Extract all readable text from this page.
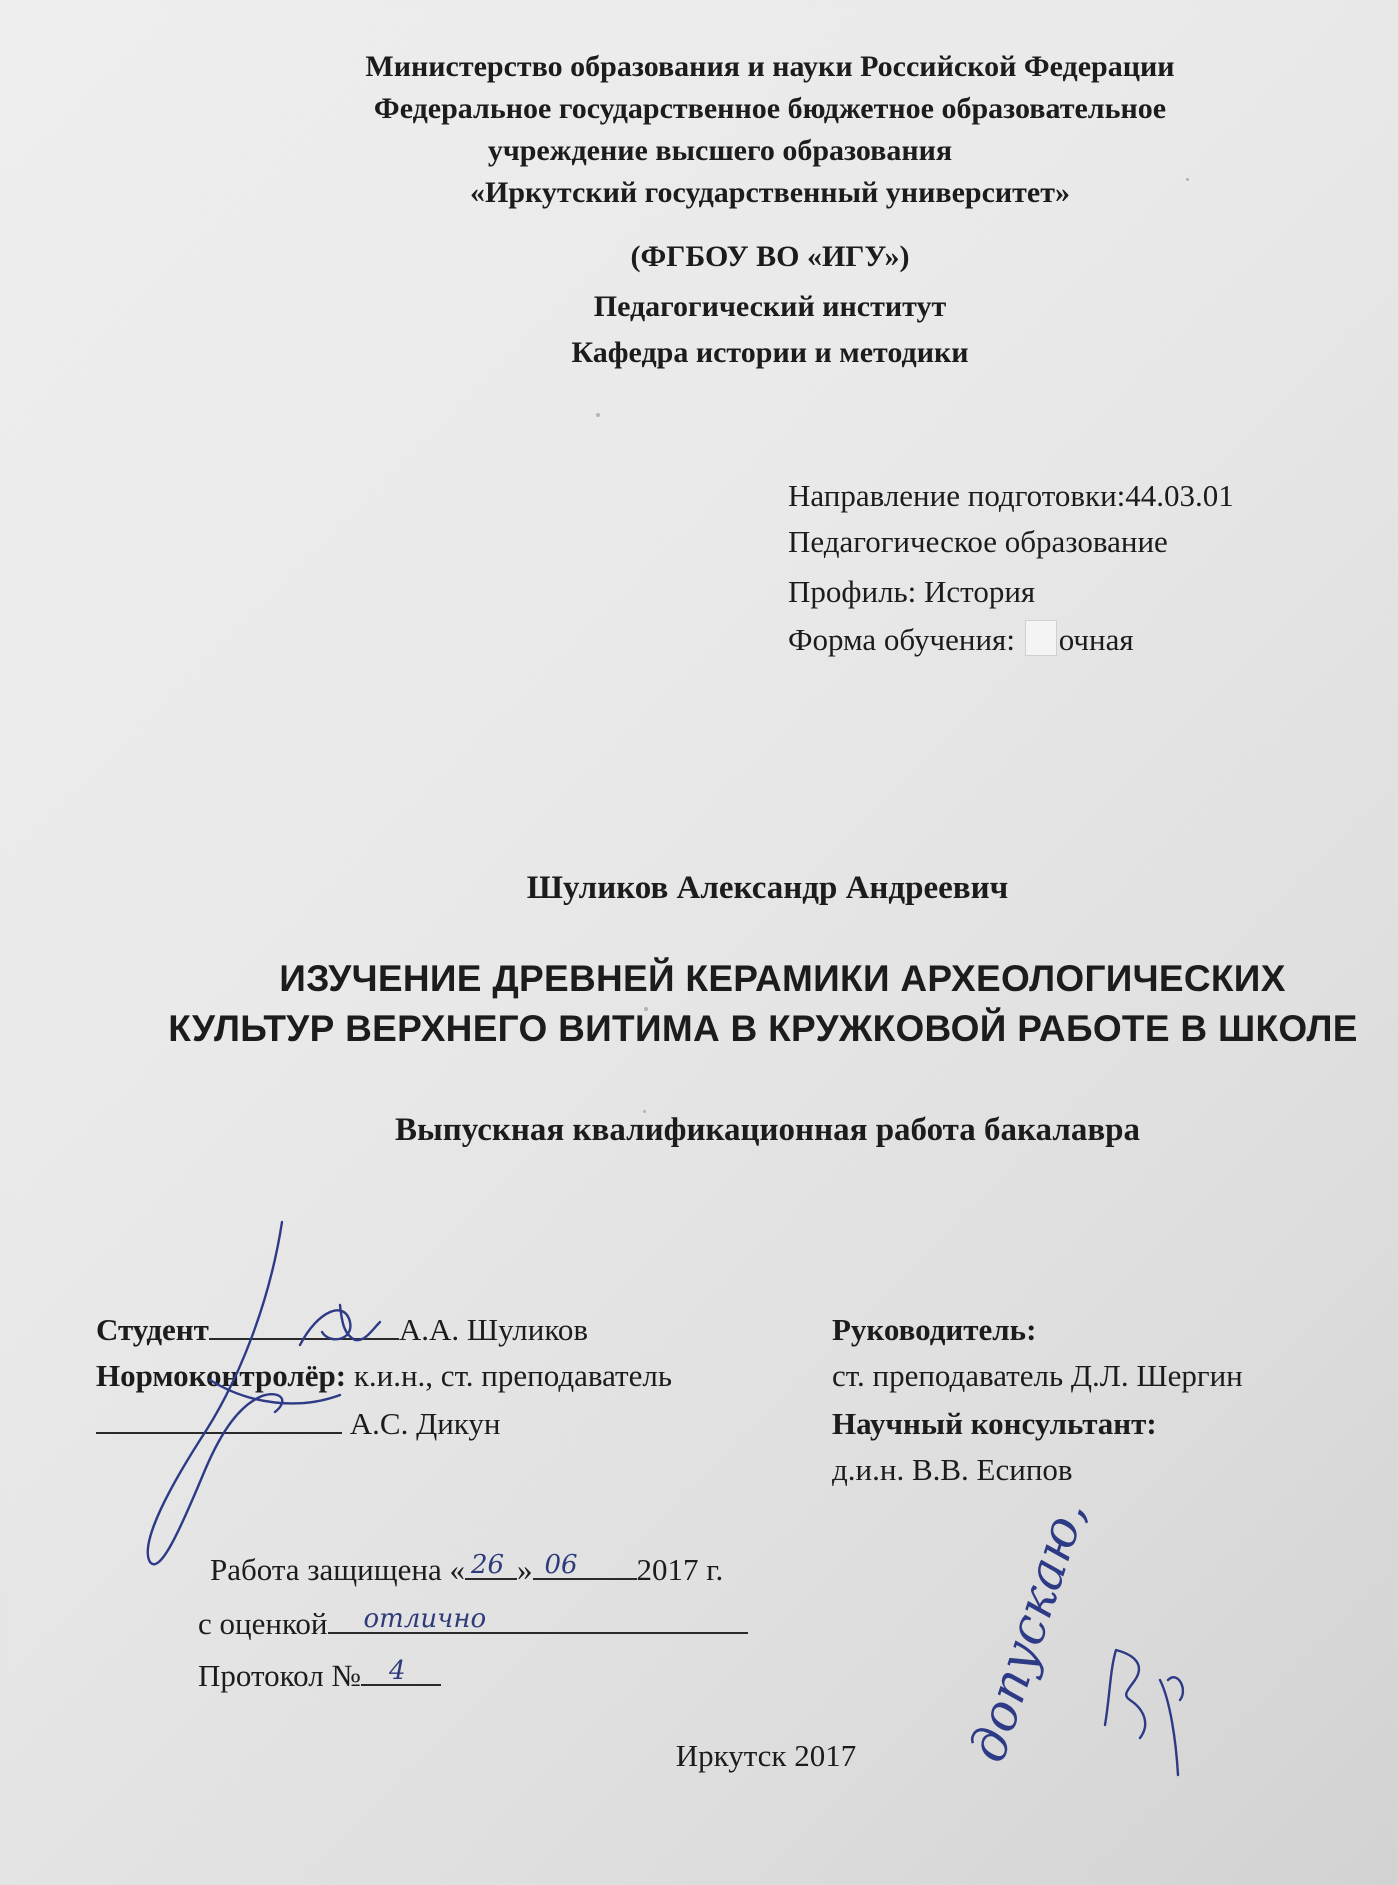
Министерство образования и науки Российской Федерации
Федеральное государственное бюджетное образовательное
учреждение высшего образования
«Иркутский государственный университет»
(ФГБОУ ВО «ИГУ»)
Педагогический институт
Кафедра истории и методики
Направление подготовки:44.03.01
Педагогическое образование
Профиль: История
Форма обучения: очная
Шуликов Александр Андреевич
ИЗУЧЕНИЕ ДРЕВНЕЙ КЕРАМИКИ АРХЕОЛОГИЧЕСКИХ
КУЛЬТУР ВЕРХНЕГО ВИТИМА В КРУЖКОВОЙ РАБОТЕ В ШКОЛЕ
Выпускная квалификационная работа бакалавра
Студент	А.А. Шуликов
Нормоконтролёр: к.и.н., ст. преподаватель
А.С. Дикун
Руководитель:
ст. преподаватель Д.Л. Шергин
Научный консультант:
д.и.н. В.В. Есипов
Работа защищена « 26 » 06 2017 г.
с оценкой отлично
Протокол № 4
Иркутск 2017	допускаю,
